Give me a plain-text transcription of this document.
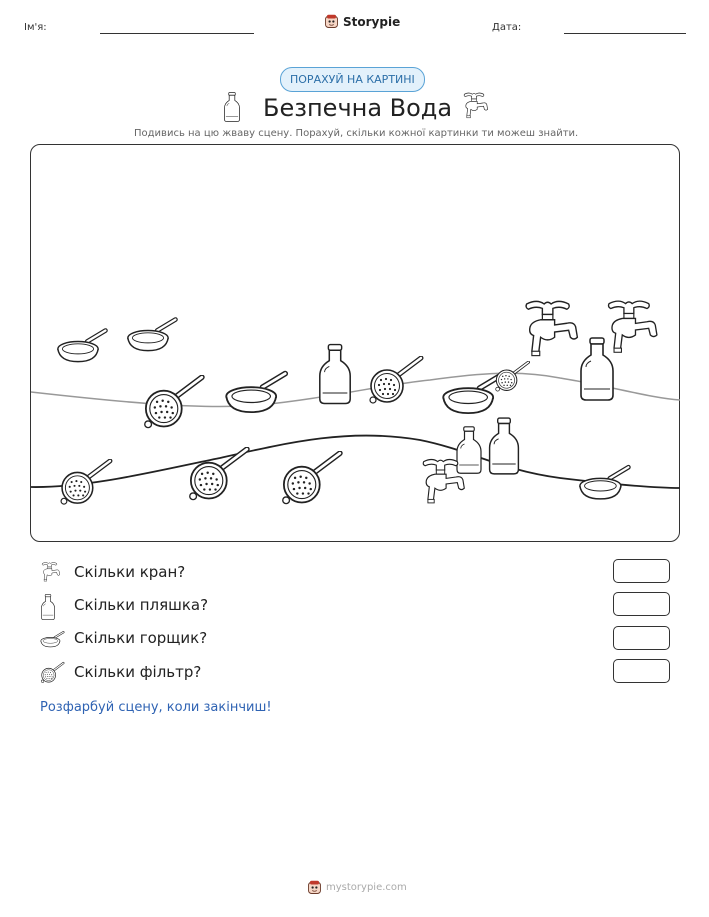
Ім'я:	Storypie	Дата:
ПОРАХУЙ НА КАРТИНІ
Безпечна Вода
Подивись на цю жваву сцену. Порахуй, скільки кожної картинки ти можеш знайти.
Скільки кран?
Скільки пляшка?
Скільки горщик?
Скільки фільтр?
Розфарбуй сцену, коли закінчиш!
mystorypie.com
